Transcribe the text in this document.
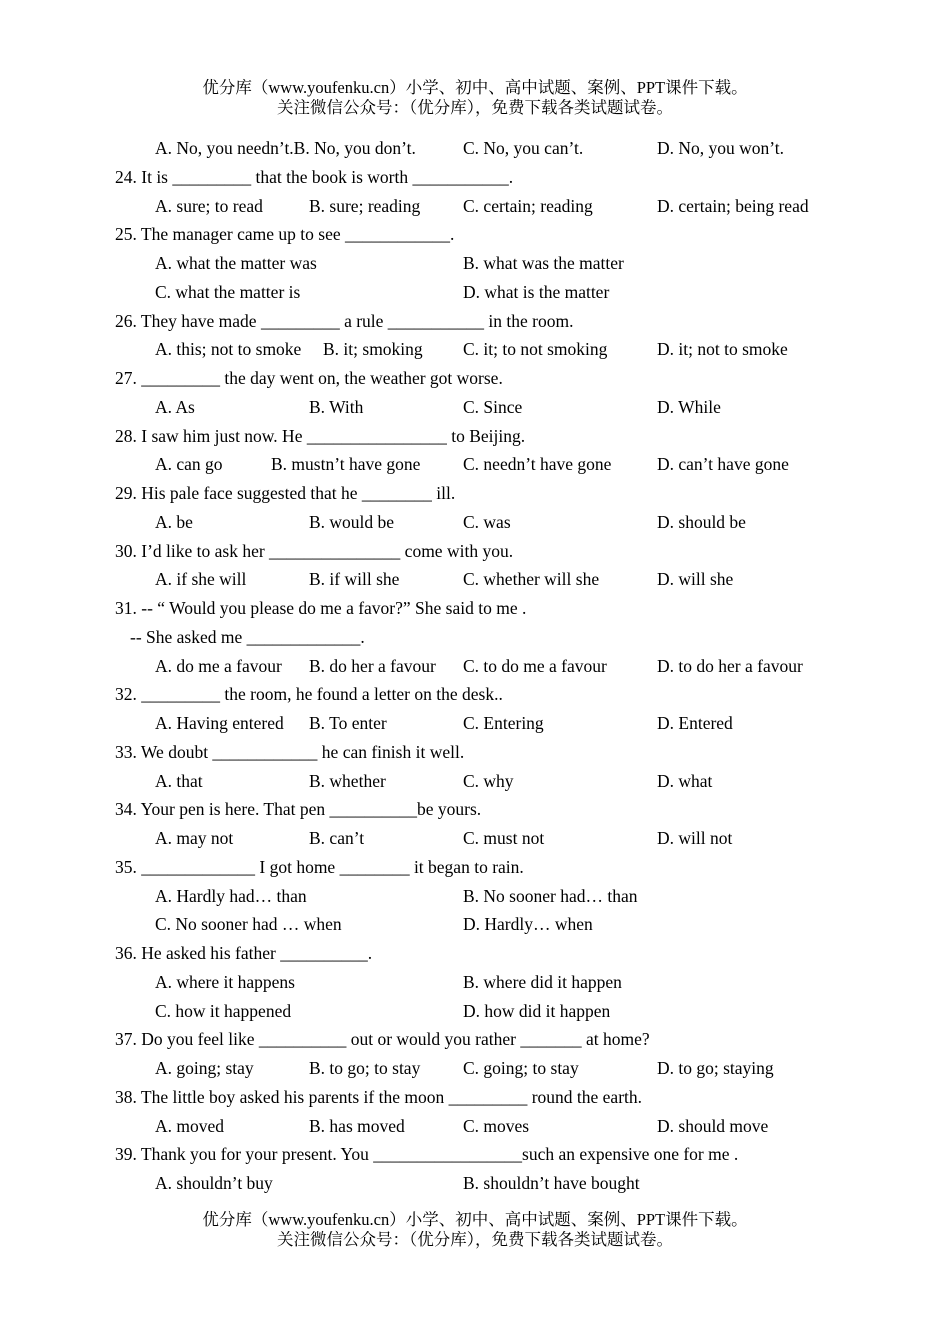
优分库（www.youfenku.cn）小学、初中、高中试题、案例、PPT课件下载。
关注微信公众号：（优分库），免费下载各类试题试卷。
A. No, you needn’t.B. No, you don’t.	C. No, you can’t.	D. No, you won’t.
24. It is _________ that the book is worth ___________.
A. sure; to read	B. sure; reading C. certain; reading	D. certain; being read
25. The manager came up to see ____________.
A. what the matter was	B. what was the matter
C. what the matter is	D. what is the matter
26. They have made _________ a rule ___________ in the room.
A. this; not to smoke B. it; smoking C. it; to not smoking	D. it; not to smoke
27. _________ the day went on, the weather got worse.
A. As	B. With	C. Since	D. While
28. I saw him just now. He ________________ to Beijing.
A. can go	B. mustn’t have gone C. needn’t have gone	D. can’t have gone
29. His pale face suggested that he ________ ill.
A. be	B. would be	C. was	D. should be
30. I’d like to ask her _______________ come with you.
A. if she will	B. if will she	C. whether will she	D. will she
31. -- “ Would you please do me a favor?” She said to me .
-- She asked me _____________.
A. do me a favour B. do her a favour C. to do me a favour	D. to do her a favour
32. _________ the room, he found a letter on the desk..
A. Having entered B. To enter	C. Entering	D. Entered
33. We doubt ____________ he can finish it well.
A. that	B. whether	C. why	D. what
34. Your pen is here. That pen __________be yours.
A. may not	B. can’t	C. must not	D. will not
35. _____________ I got home ________ it began to rain.
A. Hardly had… than	B. No sooner had… than
C. No sooner had … when	D. Hardly… when
36. He asked his father __________.
A. where it happens	B. where did it happen
C. how it happened	D. how did it happen
37. Do you feel like __________ out or would you rather _______ at home?
A. going; stay	B. to go; to stay C. going; to stay	D. to go; staying
38. The little boy asked his parents if the moon _________ round the earth.
A. moved	B. has moved	C. moves	D. should move
39. Thank you for your present. You _________________such an expensive one for me .
A. shouldn’t buy	B. shouldn’t have bought
优分库（www.youfenku.cn）小学、初中、高中试题、案例、PPT课件下载。
关注微信公众号：（优分库），免费下载各类试题试卷。
